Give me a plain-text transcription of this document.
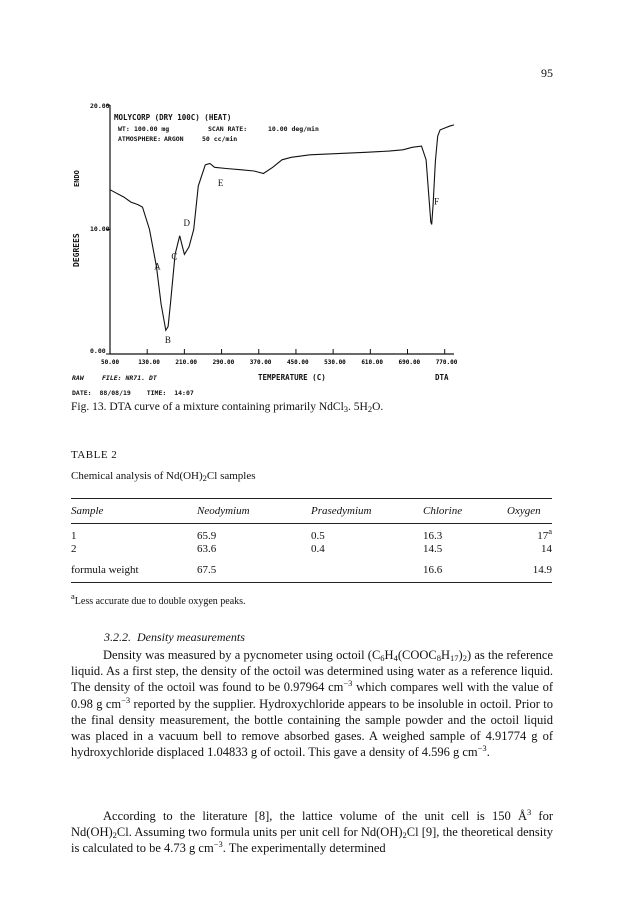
95
20.00
10.00
0.00
MOLYCORP (DRY 100C) (HEAT)
WT: 100.00 mg	SCAN RATE:	10.00 deg/min
ATMOSPHERE: ARGON	50 cc/min
DEGREES
ENDO
TEMPERATURE (C)	DTA
RAW	FILE: NR71. DT
50.00	130.00	210.00	290.00	370.00	450.00	530.00	610.00	690.00	770.00
A
B
C
D
E
F
DATE: 88/08/19 TIME: 14:07
Fig. 13. DTA curve of a mixture containing primarily NdCl$_3$. $5H_2O$.
TABLE 2
Chemical analysis of $Nd(OH)_2Cl$ samples
Sample	Neodymium	Prasedymium	Chlorine	Oxygen
1	65.9	0.5	16.3	17$^a$
2	63.6	0.4	14.5	14

formula weight	67.5		16.6	14.9
$^a$Less accurate due to double oxygen peaks.
3.2.2. Density measurements
Density was measured by a pycnometer using octoil $(C_6H_4(COOC_8H_{17})_2)$ as the reference liquid. As a first step, the density of the octoil was determined using water as a reference liquid. The density of the octoil was found to be 0.97964 $cm^{-3}$ which compares well with the value of 0.98 g $cm^{-3}$ reported by the supplier. Hydroxychloride appears to be insoluble in octoil. Prior to the final density measurement, the bottle containing the sample powder and the octoil liquid was placed in a vacuum bell to remove absorbed gases. A weighed sample of 4.91774 g of hydroxychloride displaced 1.04833 g of octoil. This gave a density of 4.596 g $cm^{-3}$.
According to the literature [8], the lattice volume of the unit cell is 150 $Å^3$ for $Nd(OH)_2Cl$. Assuming two formula units per unit cell for $Nd(OH)_2Cl$ [9], the theoretical density is calculated to be 4.73 g $cm^{-3}$. The experimentally determined
